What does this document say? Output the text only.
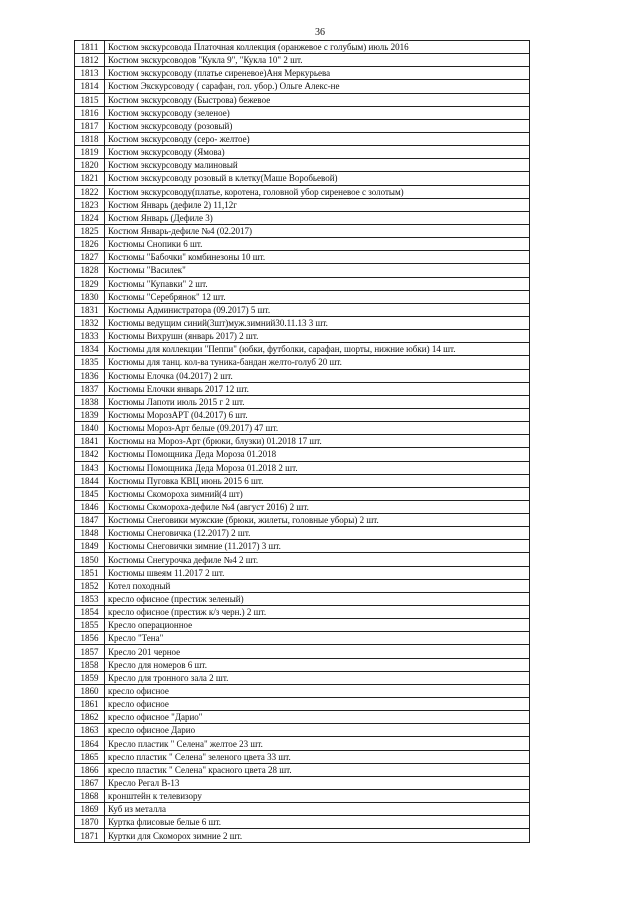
36
1811	Костюм экскурсовода Платочная коллекция (оранжевое с голубым) июль 2016
1812	Костюм экскурсоводов "Кукла 9", "Кукла 10" 2 шт.
1813	Костюм экскурсоводу (платье сиреневое)Аня Меркурьева
1814	Костюм Экскурсоводу ( сарафан, гол. убор.) Ольге Алекс-не
1815	Костюм экскурсоводу (Быстрова) бежевое
1816	Костюм экскурсоводу (зеленое)
1817	Костюм экскурсоводу (розовый)
1818	Костюм экскурсоводу (серо- желтое)
1819	Костюм экскурсоводу (Ямова)
1820	Костюм экскурсоводу малиновый
1821	Костюм экскурсоводу розовый в клетку(Маше Воробьевой)
1822	Костюм экскурсоводу(платье, коротена, головной убор сиреневое с золотым)
1823	Костюм Январь (дефиле 2) 11,12г
1824	Костюм Январь (Дефиле 3)
1825	Костюм Январь-дефиле №4 (02.2017)
1826	Костюмы Снопики 6 шт.
1827	Костюмы "Бабочки" комбинезоны 10 шт.
1828	Костюмы "Василек"
1829	Костюмы "Купавки" 2 шт.
1830	Костюмы "Серебрянок" 12 шт.
1831	Костюмы Администратора (09.2017) 5 шт.
1832	Костюмы ведущим синий(3шт)муж.зимний30.11.13 3 шт.
1833	Костюмы Вихрушн (январь 2017) 2 шт.
1834	Костюмы для коллекции "Пеппи" (юбки, футболки, сарафан, шорты, нижние юбки) 14 шт.
1835	Костюмы для танц. кол-ва туника-бандан желто-голуб 20 шт.
1836	Костюмы Елочка (04.2017) 2 шт.
1837	Костюмы Елочки январь 2017 12 шт.
1838	Костюмы Лапоти июль 2015 г 2 шт.
1839	Костюмы МорозАРТ (04.2017) 6 шт.
1840	Костюмы Мороз-Арт белые (09.2017) 47 шт.
1841	Костюмы на Мороз-Арт (брюки, блузки) 01.2018 17 шт.
1842	Костюмы Помощника Деда Мороза 01.2018
1843	Костюмы Помощника Деда Мороза 01.2018 2 шт.
1844	Костюмы Пуговка КВЦ июнь 2015 6 шт.
1845	Костюмы Скомороха зимний(4 шт)
1846	Костюмы Скомороха-дефиле №4 (август 2016) 2 шт.
1847	Костюмы Снеговики мужские (брюки, жилеты, головные уборы) 2 шт.
1848	Костюмы Снеговичка (12.2017) 2 шт.
1849	Костюмы Снеговички зимние (11.2017) 3 шт.
1850	Костюмы Снегурочка дефиле №4 2 шт.
1851	Костюмы швеям 11.2017 2 шт.
1852	Котел походный
1853	кресло офисное (престиж зеленый)
1854	кресло офисное (престиж к/з черн.) 2 шт.
1855	Кресло операционное
1856	Кресло "Тена"
1857	Кресло 201 черное
1858	Кресло для номеров 6 шт.
1859	Кресло для тронного зала 2 шт.
1860	кресло офисное
1861	кресло офисное
1862	кресло офисное "Дарио"
1863	кресло офисное Дарио
1864	Кресло пластик " Селена" желтое 23 шт.
1865	кресло пластик " Селена" зеленого цвета 33 шт.
1866	кресло пластик " Селена" красного цвета 28 шт.
1867	Кресло Регал В-13
1868	кронштейн к телевизору
1869	Куб из металла
1870	Куртка флисовые белые 6 шт.
1871	Куртки для Скоморох зимние 2 шт.
